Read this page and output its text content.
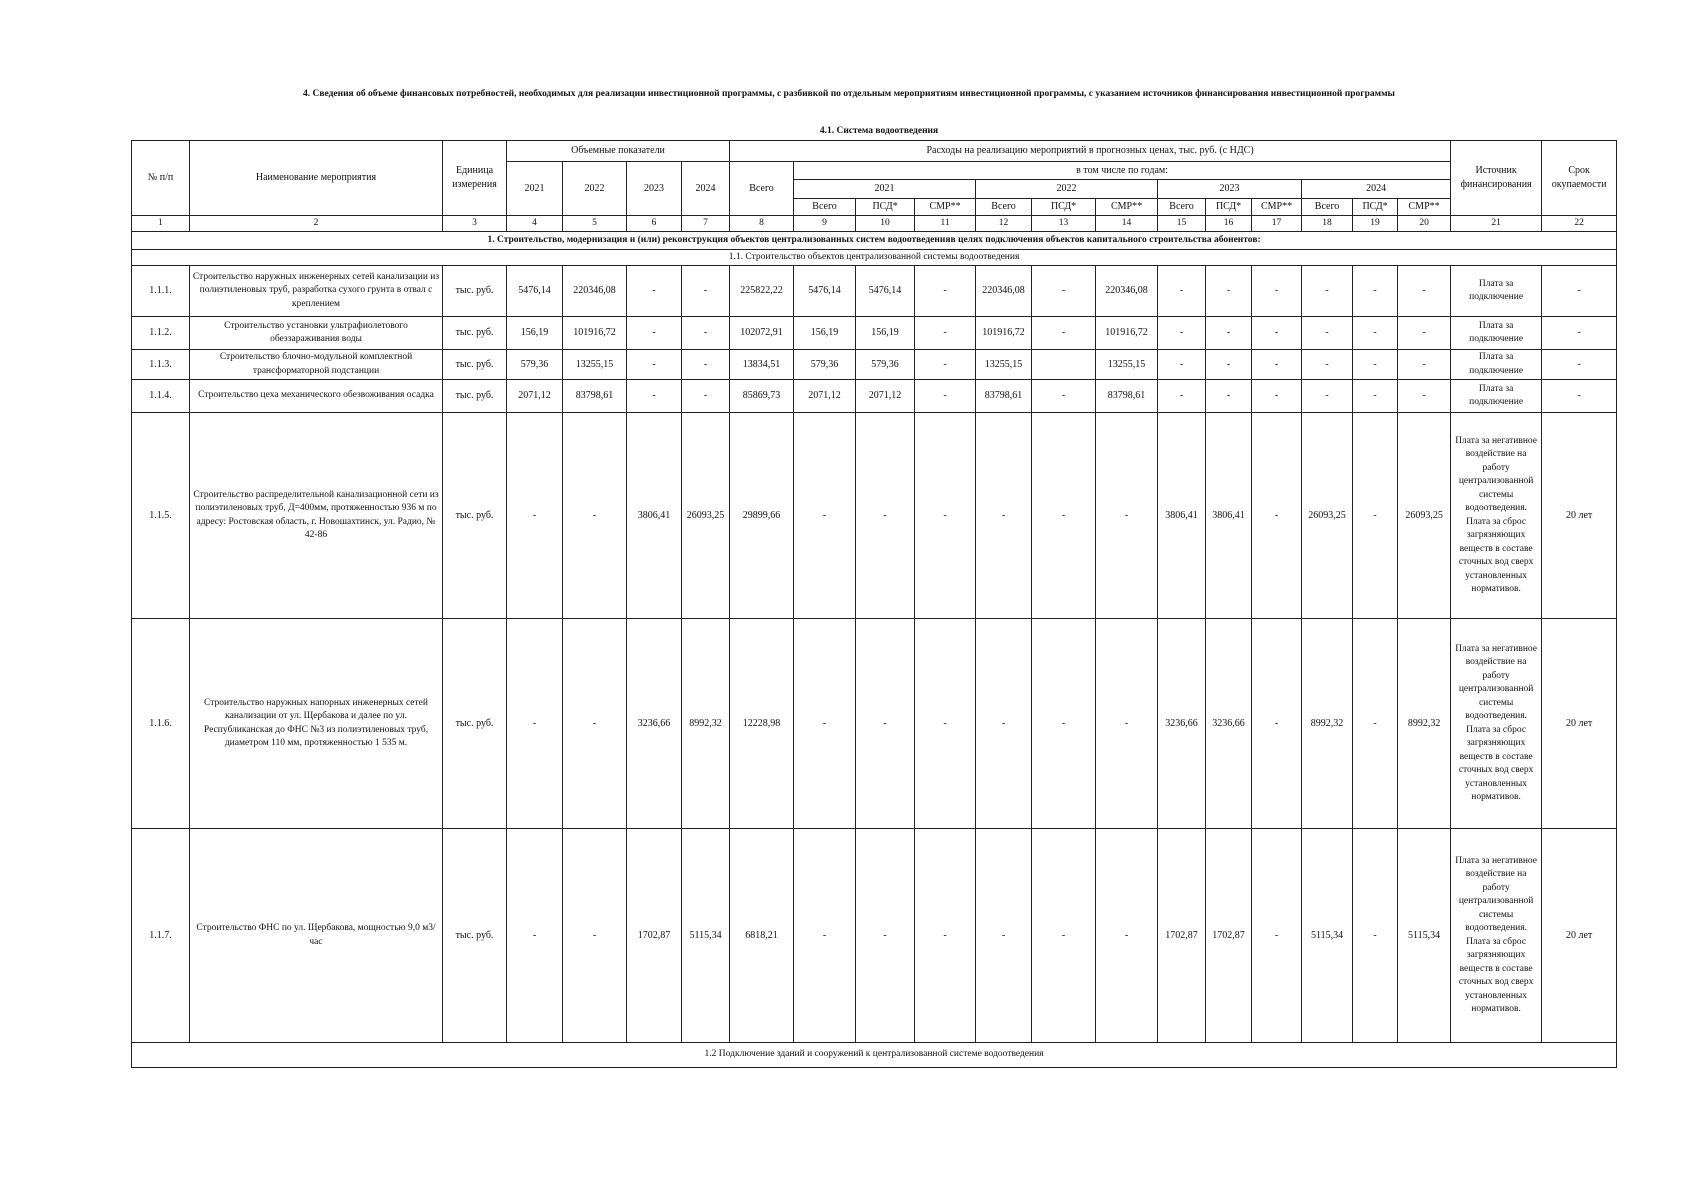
4. Сведения об объеме финансовых потребностей, необходимых для реализации инвестиционной программы, с разбивкой по отдельным мероприятиям инвестиционной программы, с указанием источников финансирования инвестиционной программы
4.1. Система водоотведения
№ п/п	Наименование мероприятия	Единица измерения	Объемные показатели				Расходы на реализацию мероприятий в прогнозных ценах, тыс. руб. (с НДС)													Источник финансирования	Срок окупаемости
			2021	2022	2023	2024	Всего	в том числе по годам:													
								2021			2022			2023			2024				
								Всего	ПСД*	СМР**	Всего	ПСД*	СМР**	Всего	ПСД*	СМР**	Всего	ПСД*	СМР**		
1	2	3	4	5	6	7	8	9	10	11	12	13	14	15	16	17	18	19	20	21	22
1. Строительство, модернизация и (или) реконструкция объектов централизованных систем водоотведенияв целях подключения объектов капитального строительства абонентов:																					
1.1. Строительство объектов централизованной системы водоотведения																					
1.1.1.	Строительство наружных инженерных сетей канализации из полиэтиленовых труб, разработка сухого грунта в отвал с креплением	тыс. руб.	5476,14	220346,08	-	-	225822,22	5476,14	5476,14	-	220346,08	-	220346,08	-	-	-	-	-	-	Плата за подключение	-
1.1.2.	Строительство установки ультрафиолетового обеззараживания воды	тыс. руб.	156,19	101916,72	-	-	102072,91	156,19	156,19	-	101916,72	-	101916,72	-	-	-	-	-	-	Плата за подключение	-
1.1.3.	Строительство блочно-модульной комплектной трансформаторной подстанции	тыс. руб.	579,36	13255,15	-	-	13834,51	579,36	579,36	-	13255,15		13255,15	-	-	-	-	-	-	Плата за подключение	-
1.1.4.	Строительство цеха механического обезвоживания осадка	тыс. руб.	2071,12	83798,61	-	-	85869,73	2071,12	2071,12	-	83798,61	-	83798,61	-	-	-	-	-	-	Плата за подключение	-
1.1.5.	Строительство распределительной канализационной сети из полиэтиленовых труб, Д=400мм, протяженностью 936 м по адресу: Ростовская область, г. Новошахтинск, ул. Радио, № 42-86	тыс. руб.	-	-	3806,41	26093,25	29899,66	-	-	-	-	-	-	3806,41	3806,41	-	26093,25	-	26093,25	Плата за негативное воздействие на работу централизованной системы водоотведения. Плата за сброс загрязняющих веществ в составе сточных вод сверх установленных нормативов.	20 лет
1.1.6.	Строительство наружных напорных инженерных сетей канализации от ул. Щербакова и далее по ул. Республиканская до ФНС №3 из полиэтиленовых труб, диаметром 110 мм, протяженностью 1 535 м.	тыс. руб.	-	-	3236,66	8992,32	12228,98	-	-	-	-	-	-	3236,66	3236,66	-	8992,32	-	8992,32	Плата за негативное воздействие на работу централизованной системы водоотведения. Плата за сброс загрязняющих веществ в составе сточных вод сверх установленных нормативов.	20 лет
1.1.7.	Строительство ФНС по ул. Щербакова, мощностью 9,0 м3/час	тыс. руб.	-	-	1702,87	5115,34	6818,21	-	-	-	-	-	-	1702,87	1702,87	-	5115,34	-	5115,34	Плата за негативное воздействие на работу централизованной системы водоотведения. Плата за сброс загрязняющих веществ в составе сточных вод сверх установленных нормативов.	20 лет
1.2 Подключение зданий и сооружений к централизованной системе водоотведения																					
